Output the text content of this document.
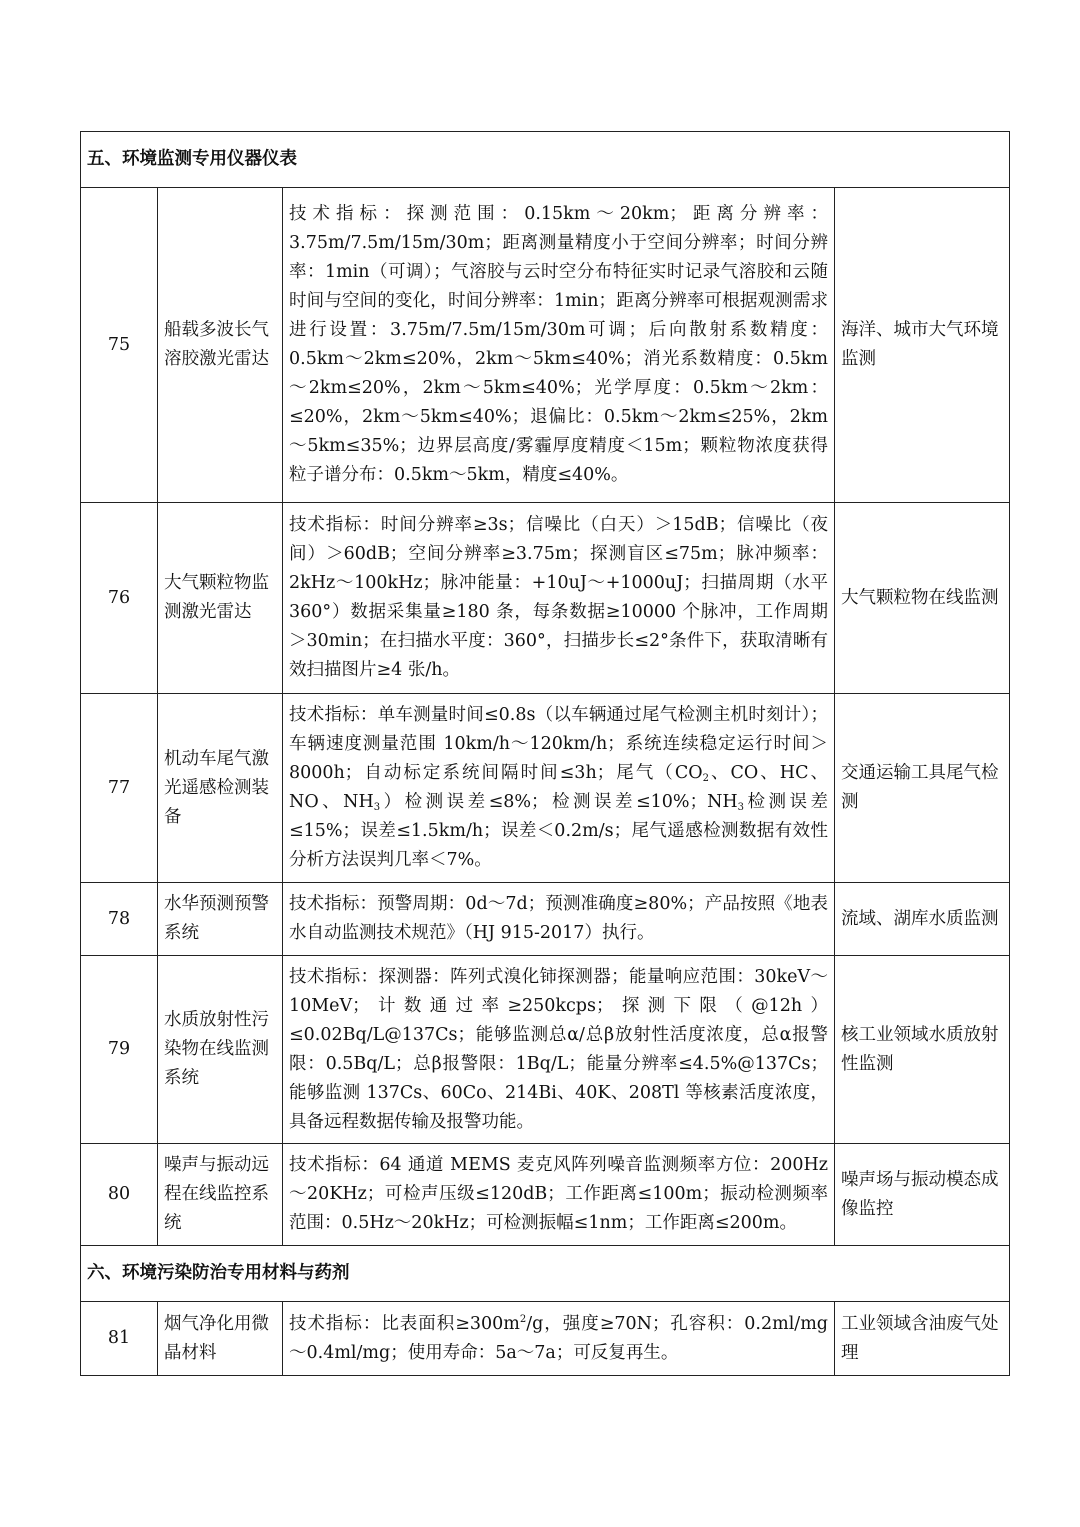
五、环境监测专用仪器仪表			
75	船载多波长气溶胶激光雷达	技术指标：探测范围：0.15km～20km；距离分辨率：3.75m/7.5m/15m/30m；距离测量精度小于空间分辨率；时间分辨率：1min（可调）；气溶胶与云时空分布特征实时记录气溶胶和云随时间与空间的变化，时间分辨率：1min；距离分辨率可根据观测需求进行设置：3.75m/7.5m/15m/30m可调；后向散射系数精度：0.5km～2km≤20%，2km～5km≤40%；消光系数精度：0.5km～2km≤20%，2km～5km≤40%；光学厚度：0.5km～2km：≤20%，2km～5km≤40%；退偏比：0.5km～2km≤25%，2km～5km≤35%；边界层高度/雾霾厚度精度＜15m；颗粒物浓度获得粒子谱分布：0.5km～5km，精度≤40%。	海洋、城市大气环境监测
76	大气颗粒物监测激光雷达	技术指标：时间分辨率≥3s；信噪比（白天）＞15dB；信噪比（夜间）＞60dB；空间分辨率≥3.75m；探测盲区≤75m；脉冲频率：2kHz～100kHz；脉冲能量：+10uJ～+1000uJ；扫描周期（水平 360°）数据采集量≥180 条，每条数据≥10000 个脉冲，工作周期＞30min；在扫描水平度：360°，扫描步长≤2°条件下，获取清晰有效扫描图片≥4 张/h。	大气颗粒物在线监测
77	机动车尾气激光遥感检测装备	技术指标：单车测量时间≤0.8s（以车辆通过尾气检测主机时刻计）；车辆速度测量范围 10km/h～120km/h；系统连续稳定运行时间＞8000h；自动标定系统间隔时间≤3h；尾气（$CO_2$、CO、HC、NO、$NH_3$）检测误差≤8%；检测误差≤10%；$NH_3$检测误差≤15%；误差≤1.5km/h；误差＜0.2m/s；尾气遥感检测数据有效性分析方法误判几率＜7%。	交通运输工具尾气检测
78	水华预测预警系统	技术指标：预警周期：0d～7d；预测准确度≥80%；产品按照《地表水自动监测技术规范》（HJ 915-2017）执行。	流域、湖库水质监测
79	水质放射性污染物在线监测系统	技术指标：探测器：阵列式溴化铈探测器；能量响应范围：30keV～10MeV；计数通过率≥250kcps；探测下限（@12h）≤0.02Bq/L@137Cs；能够监测总α/总β放射性活度浓度，总α报警限：0.5Bq/L；总β报警限：1Bq/L；能量分辨率≤4.5%@137Cs；能够监测 137Cs、60Co、214Bi、40K、208Tl 等核素活度浓度，具备远程数据传输及报警功能。	核工业领域水质放射性监测
80	噪声与振动远程在线监控系统	技术指标：64 通道 MEMS 麦克风阵列噪音监测频率方位：200Hz～20KHz；可检声压级≤120dB；工作距离≤100m；振动检测频率范围：0.5Hz～20kHz；可检测振幅≤1nm；工作距离≤200m。	噪声场与振动模态成像监控
六、环境污染防治专用材料与药剂			
81	烟气净化用微晶材料	技术指标：比表面积$\ge 300m^2/g$，强度≥70N；孔容积：0.2ml/mg～0.4ml/mg；使用寿命：5a～7a；可反复再生。	工业领域含油废气处理
